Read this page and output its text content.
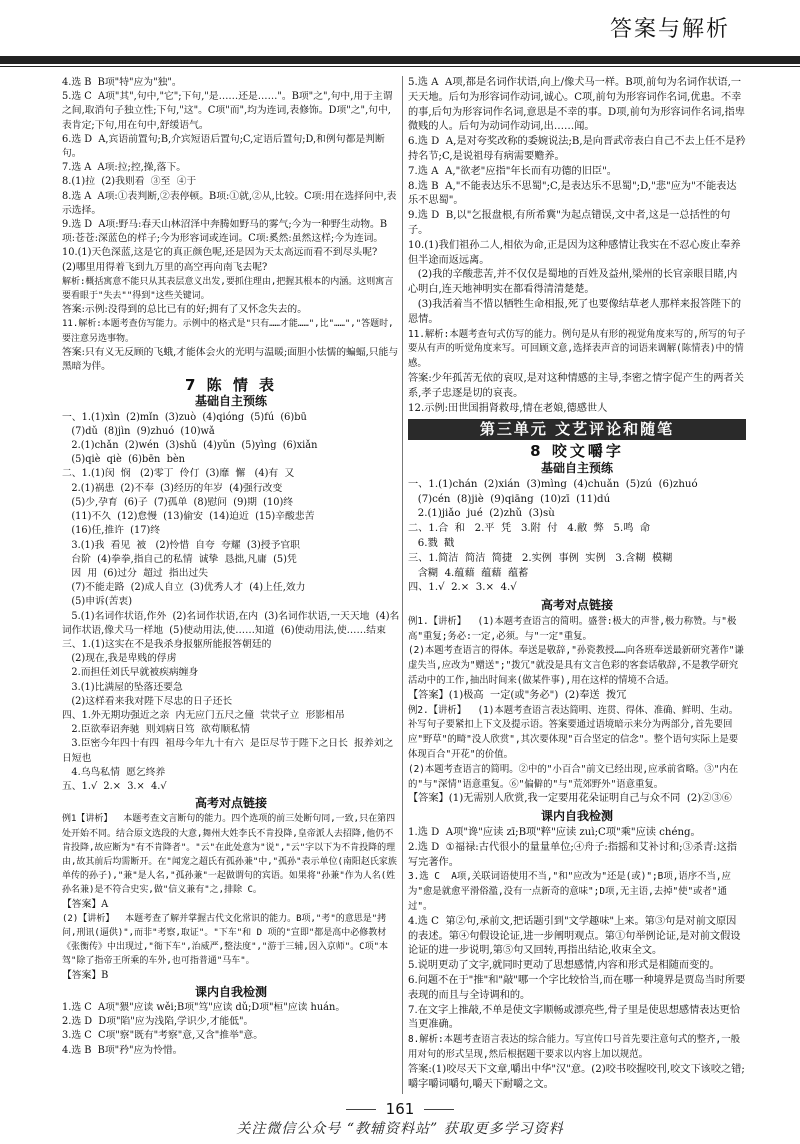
答案与解析
4.选 B  B项"特"应为"独"。
5.选 C  A项"其",句中,"它";下句,"是……还是……"。B项"之",句中,用于主谓之间,取消句子独立性;下句,"这"。C项"而",均为连词,表修饰。D项"之",句中,表肯定;下句,用在句中,舒缓语气。
6.选 D  A,宾语前置句;B,介宾短语后置句;C,定语后置句;D,和例句都是判断句。
7.选 A  A项:拉;控,操,落下。
8.(1)拉  (2)我则看  ③至  ④于
8.选 A  A项:①表判断,②表停顿。B项:①就,②从,比较。C项:用在选择问中,表示选择。
9.选 D  A项:野马:春天山林沼泽中奔腾如野马的雾气;今为一种野生动物。B项:苍苍:深蓝色的样子;今为形容词或连词。C项:奚然:虽然这样;今为连词。
10.(1)天色深蓝,这是它的真正颜色呢,还是因为天太高远而看不到尽头呢?
(2)哪里用得着飞到九万里的高空再向南飞去呢?
解析:概括寓意不能只从其表层意义出发,要抓住理由,把握其根本的内涵。这则寓言要看眼于"失去""得到"这些关键词。
答案:示例:没得到的总比已有的好;拥有了又怀念失去的。
11.解析:本题考查仿写能力。示例中的格式是"只有……才能……",比"……","答题时,要注意另选事物。
答案:只有义无反顾的飞蛾,才能体会火的光明与温暖;面胆小怯懦的蝙蝠,只能与黑暗为伴。
7 陈 情 表
基础自主预练
一、1.(1)xìn  (2)mǐn  (3)zuò  (4)qióng  (5)fú  (6)bū
(7)dǔ  (8)jìn  (9)zhuó  (10)wǎ
2.(1)chǎn  (2)wén  (3)shǔ  (4)yǔn  (5)yìng  (6)xiǎn
(5)qiè  qiè  (6)bēn  bèn
二、1.(1)闵  悯   (2)零丁  伶仃  (3)靡  懈   (4)有  又
2.(1)祸患  (2)不奉  (3)经历的年岁  (4)强行改变
(5)少,孕育  (6)子  (7)孤单  (8)慰问  (9)期  (10)终
(11)不久  (12)怠慢  (13)偷安  (14)迫近  (15)辛酸悲苦
(16)任,推许  (17)终
3.(1)我  看见  被   (2)怜惜  自夸  夸耀  (3)授予官职
台阶  (4)拳拳,指自己的私情  诚挚  恳拙,凡庸  (5)凭
因  用  (6)过分  超过  指出过失
(7)不能走路  (2)成人自立  (3)优秀人才  (4)上任,效力
(5)申诉(苦衷)
5.(1)名词作状语,作外  (2)名词作状语,在内  (3)名词作状语,一天天地  (4)名词作状语,像犬马一样地  (5)使动用法,使……知道  (6)使动用法,使……结束
三、1.(1)这实在不是我杀身报躯所能报答朝廷的
(2)现在,我是卑贱的俘虏
2.而担任刘氏早就被疾病缠身
3.(1)比满屋的坠落还要急
(2)这样看来我对陛下尽忠的日子还长
四、1.外无期功强近之亲  内无应门五尺之僮  茕茕孑立  形影相吊
2.臣欲奉诏奔驰  则刘病日笃  欲苟顺私情
3.臣密今年四十有四  祖母今年九十有六  是臣尽节于陛下之日长  报养刘之日短也
4.乌鸟私情  愿乞终养
五、1.√  2.×  3.×  4.√
高考对点链接
例1【讲析】  本题考查文言断句的能力。四个选项的前三处断句同,一致,只在第四处开始不同。结合原文选段的大意,舞州大姓李氏不肯投降,皇帝派人去招降,他仍不肯投降,故应断为"有不肯降者"。"云"在此处意为"说","云"字以下为不肯投降的理由,故其前后均需断开。在"闻宠之超氏有孤孙兼"中,"孤孙"表示单位(南阳赵氏家族单传的孙子),"兼"是人名,"孤孙兼"一起做谓句的宾语。如果将"孙兼"作为人名(姓孙名兼)是不符合史实,做"信义兼有"之,排除 C。
【答案】A
(2)【讲析】  本题考查了解并掌握古代文化常识的能力。B项,"考"的意思是"拷问,刑讯(逼供)",而非"考察,取证"。"下车"和 D 项的"宣即"都是高中必修教材《张衡传》中出现过,"衙下车",治威严,整法度","游于三辅,因入京师"。C项"本驾"除了指帝王所乘的车外,也可指普通"马车"。
【答案】B
课内自我检测
1.选 C  A项"猥"应读 wěi;B项"笃"应读 dǔ;D项"桓"应读 huán。
2.选 D  D项"陷"应为浅陷,学识少,才能低"。
3.选 C  C项"察"既有"考察"意,又含"推举"意。
4.选 B  B项"矜"应为怜惜。
5.选 A  A项,都是名词作状语,向上/像犬马一样。B项,前句为名词作状语,一天天地。后句为形容词作动词,诚心。C项,前句为形容词作名词,优患。不幸的事,后句为形容词作名词,意思是不幸的事。D项,前句为形容词作名词,指卑微贱的人。后句为动词作动词,出……闻。
6.选 D  A,是对夸奖改称的委婉说法;B,是向晋武帝表白自己不去上任不是矜持名节;C,是说祖母有病需要赡养。
7.选 A  A,"欲老"应指"年长而有功德的旧臣"。
8.选 B  A,"不能表达乐不思蜀";C,是表达乐不思蜀";D,"悲"应为"不能表达乐不思蜀"。
9.选 D  B,以"乞报盘根,有所希冀"为起点错误,文中者,这是一总括性的句子。
10.(1)我们祖孙二人,相依为命,正是因为这种感情让我实在不忍心废止奉养但半途而返远离。
(2)我的辛酸悲苦,并不仅仅是蜀地的百姓及益州,梁州的长官亲眼目睹,内心明白,连天地神明实在都看得清清楚楚。
(3)我活着当不惜以牺牲生命相报,死了也要像结草老人那样来报答陛下的恩情。
11.解析:本题考查句式仿写的能力。例句是从有形的视觉角度来写的,所写的句子要从有声的听觉角度来写。可回顾文意,选择表声音的词语来调解(陈情表)中的情感。
答案:少年孤苦无依的哀叹,是对这种情感的主导,李密之情字促产生的两者关系,孝子忠逐是切的哀丧。
12.示例:田世国捐肾救母,情在老娘,德感世人
第三单元 文艺评论和随笔
8 咬文嚼字
基础自主预练
一、1.(1)chán  (2)xián  (3)mìng  (4)chuǎn  (5)zú  (6)zhuó
(7)cén  (8)jiè  (9)qiāng  (10)zī  (11)dú
2.(1)jiǎo  jué  (2)zhǔ  (3)sù
二、1.合  和   2.平  凭   3.附  付   4.敝  弊   5.鸣  命
6.戮  戳
三、1.简洁  简洁  简捷   2.实例  事例  实例   3.含糊  模糊
含糊  4.蕴藉  蕴藉  蕴蓄
四、1.√  2.×  3.×  4.√
高考对点链接
例1.【讲析】  (1)本题考查语言的简明。盛誉:极大的声誉,极力称赞。与"极高"重复;务必:一定,必须。与"一定"重复。
(2)本题考查语言的得体。奉送是敬辞,"孙瓷教授……向各班奉送最新研究著作"谦虚失当,应改为"赠送";"拨冗"就没是具有文言色彩的客套话敬辞,不是教学研究活动中的工作,抽出时间来(做某件事),用在这样的情境不合适。
【答案】(1)极高  一定(或"务必")  (2)奉送  拨冗
例2.【讲析】  (1)本题考查语言表达简明、连贯、得体、准确、鲜明、生动。补写句子要紧扣上下文及提示语。答案要通过语境暗示来分为两部分,首先要回应"野草"的畸"没人欣赏",其次要体现"百合坚定的信念"。整个语句实际上是要体现百合"开花"的价值。
(2)本题考查语言的简明。②中的"小百合"前文已经出现,应承前省略。③"内在的"与"深情"语意重复。⑥"偏僻的"与"荒郊野外"语意重复。
【答案】(1)无需别人欣赏,我一定要用花朵证明自己与众不同  (2)②③⑥
课内自我检测
1.选 D  A项"谗"应读 zī;B项"粹"应读 zuì;C项"乘"应读 chéng。
2.选 D  ①福禄:古代很小的量量单位;④舟子:指摇和艾补讨和;③杀青:这指写完著作。
3.选 C  A项,关联词语使用不当,"和"应改为"还是(或)";B项,语序不当,应为"愈是就愈平滑俗濫,没有一点新奇的意味";D项,无主语,去掉"使"或者"通过"。
4.选 C  第②句,承前文,把话题引到"文学趣味"上来。第③句是对前文原因的表述。第④句假设论证,进一步阐明观点。第①句举例论证,是对前文假设论证的进一步说明,第⑤句又回转,再指出结论,收束全文。
5.说明更动了文字,就同时更动了思想感情,内容和形式是相随而变的。
6.问题不在于"推"和"敲"哪一个字比较恰当,而在哪一种境界是贾岛当时所要表现的而且与全诗调和的。
7.在文字上推敲,不单是使文字顺畅或漂亮些,骨子里是使思想感情表达更恰当更准确。
8.解析:本题考查语言表达的综合能力。写宣传口号首先要注意句式的整齐,一般用对句的形式呈现,然后根据题干要求以内容上加以规范。
答案:(1)咬尽天下文章,嚼出中华"汉"意。(2)咬书咬握咬刊,咬文下该咬之错;嚼字嚼词嚼句,嚼天下耐嚼之文。
161
关注微信公众号 “教辅资料站” 获取更多学习资料
